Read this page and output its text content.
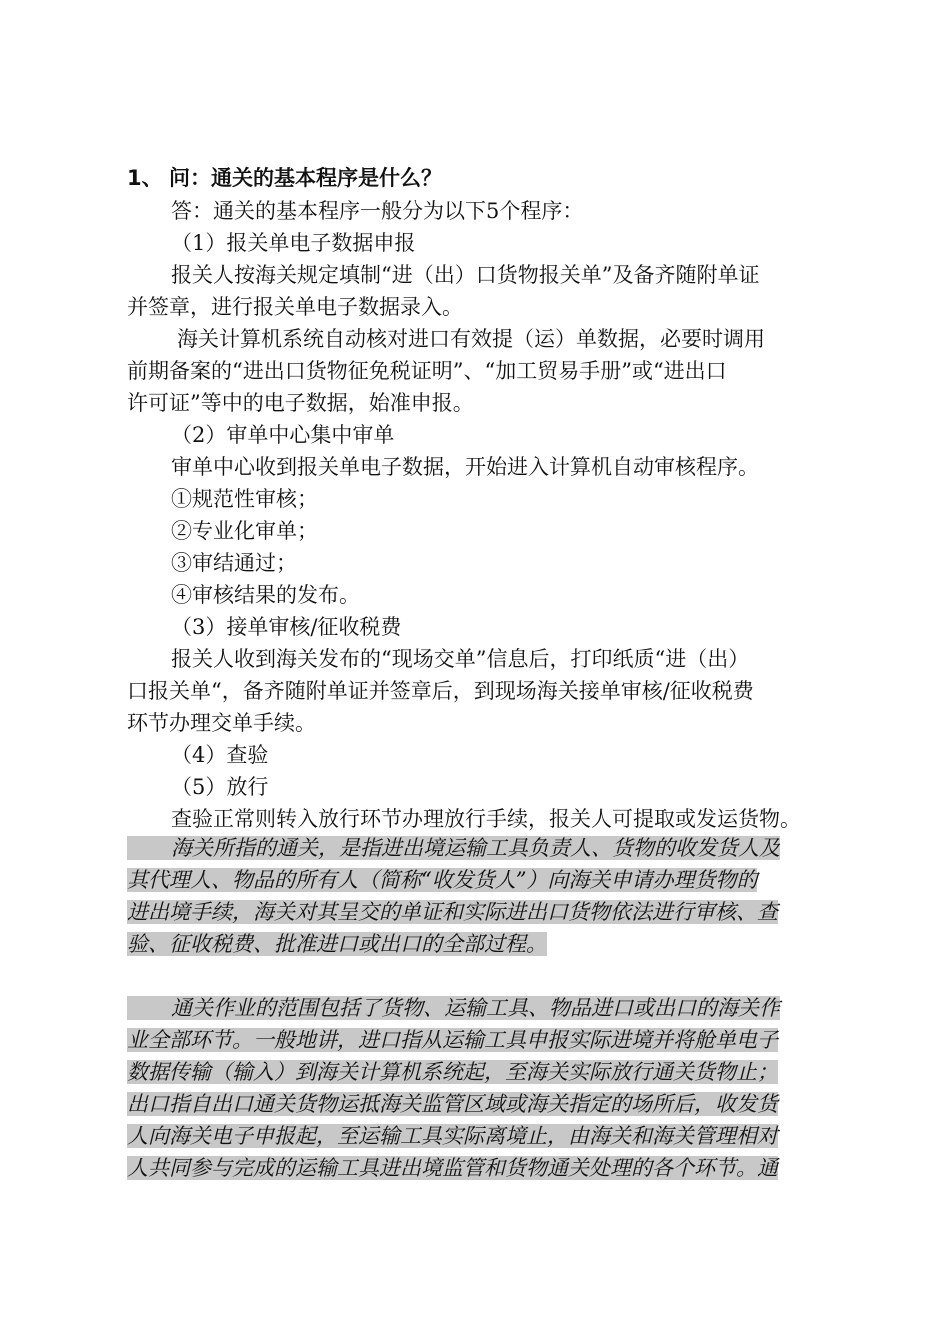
1、 问：通关的基本程序是什么？
答：通关的基本程序一般分为以下5个程序：
（1）报关单电子数据申报
报关人按海关规定填制“进（出）口货物报关单”及备齐随附单证
并签章，进行报关单电子数据录入。
海关计算机系统自动核对进口有效提（运）单数据，必要时调用
前期备案的“进出口货物征免税证明”、“加工贸易手册”或“进出口
许可证”等中的电子数据，始准申报。
（2）审单中心集中审单
审单中心收到报关单电子数据，开始进入计算机自动审核程序。
①规范性审核；
②专业化审单；
③审结通过；
④审核结果的发布。
（3）接单审核/征收税费
报关人收到海关发布的“现场交单”信息后，打印纸质“进（出）
口报关单“，备齐随附单证并签章后，到现场海关接单审核/征收税费
环节办理交单手续。
（4）查验
（5）放行
查验正常则转入放行环节办理放行手续，报关人可提取或发运货物。
海关所指的通关，是指进出境运输工具负责人、货物的收发货人及
其代理人、物品的所有人（简称“收发货人”）向海关申请办理货物的
进出境手续，海关对其呈交的单证和实际进出口货物依法进行审核、查
验、征收税费、批准进口或出口的全部过程。
通关作业的范围包括了货物、运输工具、物品进口或出口的海关作
业全部环节。一般地讲，进口指从运输工具申报实际进境并将舱单电子
数据传输（输入）到海关计算机系统起，至海关实际放行通关货物止；
出口指自出口通关货物运抵海关监管区域或海关指定的场所后，收发货
人向海关电子申报起，至运输工具实际离境止，由海关和海关管理相对
人共同参与完成的运输工具进出境监管和货物通关处理的各个环节。通
